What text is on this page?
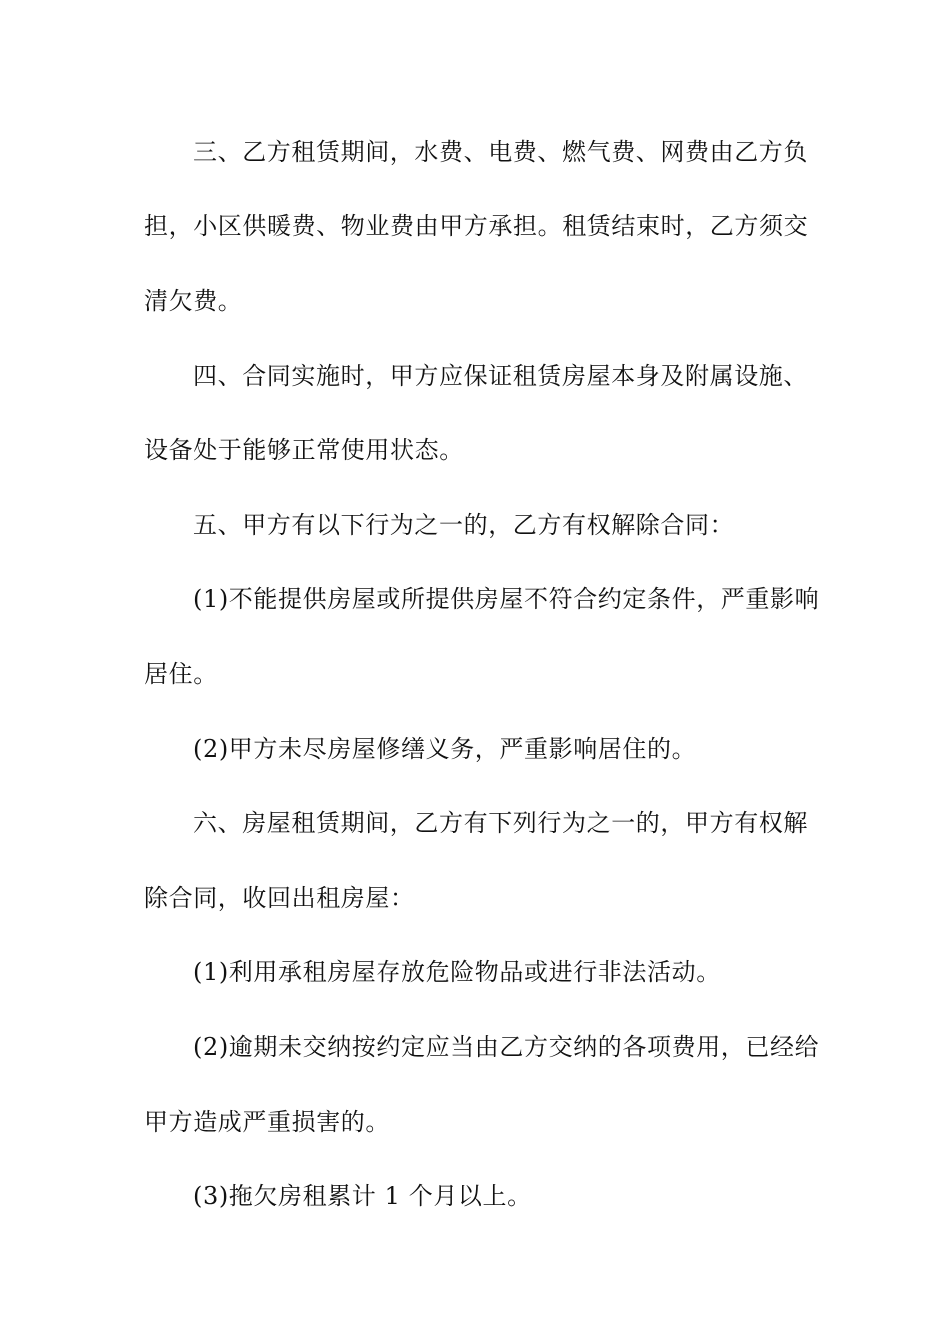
三、乙方租赁期间，水费、电费、燃气费、网费由乙方负
担，小区供暖费、物业费由甲方承担。租赁结束时，乙方须交
清欠费。
四、合同实施时，甲方应保证租赁房屋本身及附属设施、
设备处于能够正常使用状态。
五、甲方有以下行为之一的，乙方有权解除合同：
(1)不能提供房屋或所提供房屋不符合约定条件，严重影响
居住。
(2)甲方未尽房屋修缮义务，严重影响居住的。
六、房屋租赁期间，乙方有下列行为之一的，甲方有权解
除合同，收回出租房屋：
(1)利用承租房屋存放危险物品或进行非法活动。
(2)逾期未交纳按约定应当由乙方交纳的各项费用，已经给
甲方造成严重损害的。
(3)拖欠房租累计 1 个月以上。
